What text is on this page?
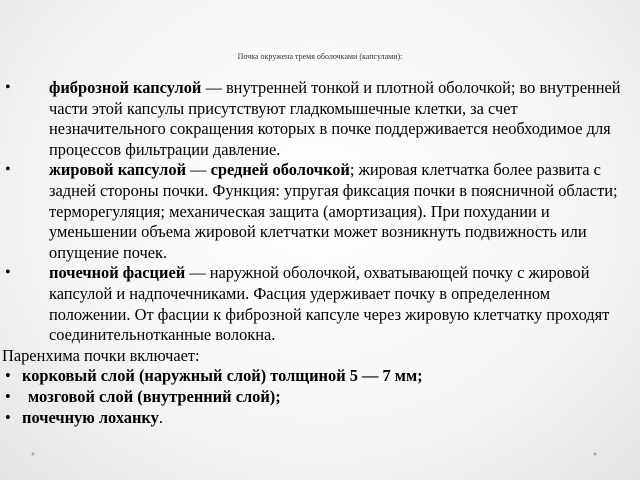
Почка окружена тремя оболочками (капсулами):
• фиброзной капсулой — внутренней тонкой и плотной оболочкой; во внутренней части этой капсулы присутствуют гладкомышечные клетки, за счет незначительного сокращения которых в почке поддерживается необходимое для процессов фильтрации давление.
• жировой капсулой — средней оболочкой; жировая клетчатка более развита с задней стороны почки. Функция: упругая фиксация почки в поясничной области; терморегуляция; механическая защита (амортизация). При похудании и уменьшении объема жировой клетчатки может возникнуть подвижность или опущение почек.
• почечной фасцией — наружной оболочкой, охватывающей почку с жировой капсулой и надпочечниками. Фасция удерживает почку в определенном положении. От фасции к фиброзной капсуле через жировую клетчатку проходят соединительнотканные волокна.
Паренхима почки включает:
• корковый слой (наружный слой) толщиной 5 — 7 мм;
• мозговой слой (внутренний слой);
• почечную лоханку.
•	•
